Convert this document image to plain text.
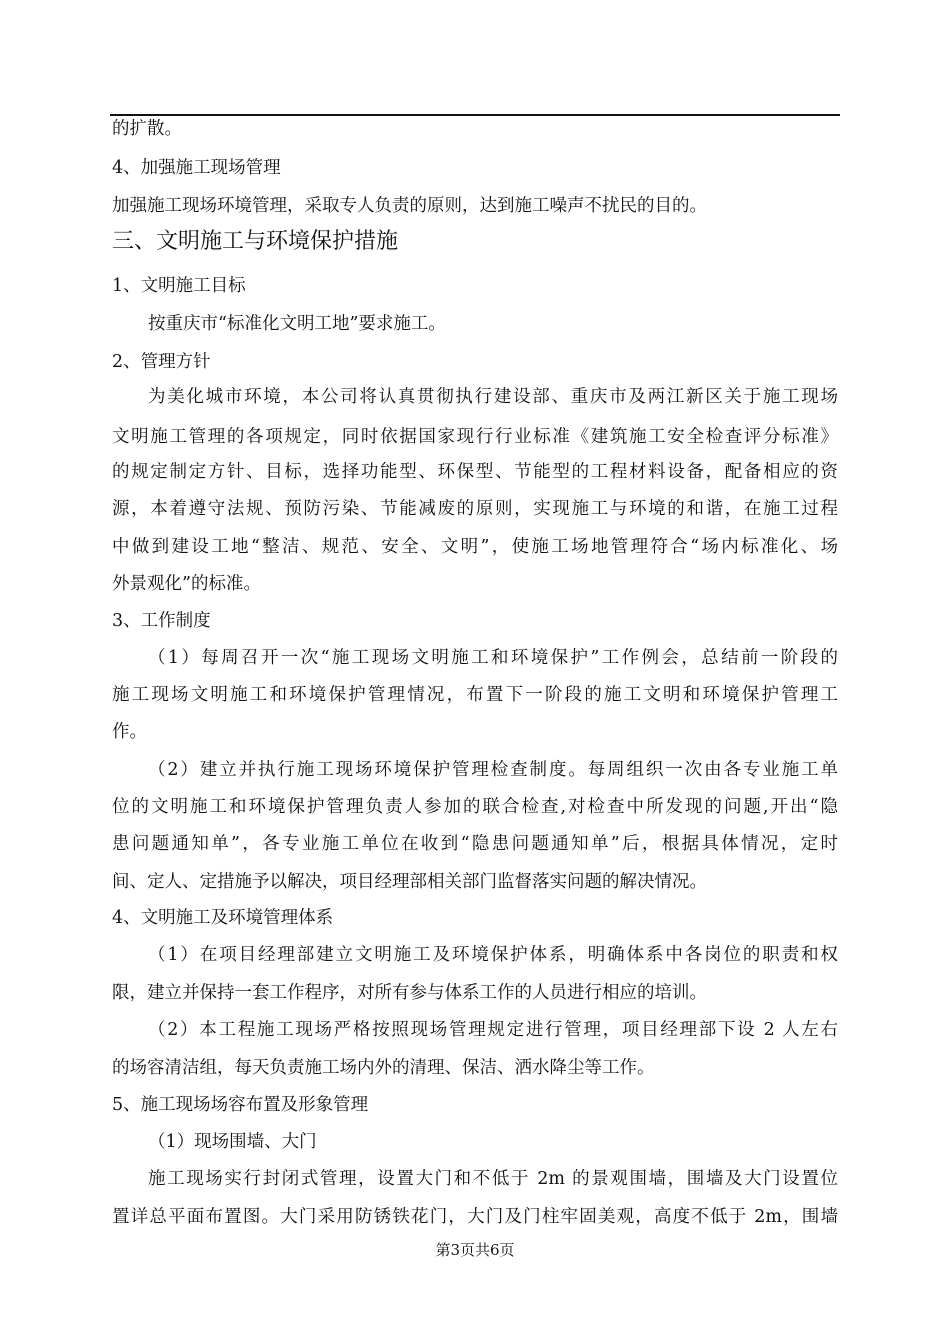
的扩散。
4、加强施工现场管理
加强施工现场环境管理，采取专人负责的原则，达到施工噪声不扰民的目的。
三、文明施工与环境保护措施
1、文明施工目标
按重庆市“标准化文明工地”要求施工。
2、管理方针
为美化城市环境，本公司将认真贯彻执行建设部、重庆市及两江新区关于施工现场
文明施工管理的各项规定，同时依据国家现行行业标准《建筑施工安全检查评分标准》
的规定制定方针、目标，选择功能型、环保型、节能型的工程材料设备，配备相应的资
源，本着遵守法规、预防污染、节能减废的原则，实现施工与环境的和谐，在施工过程
中做到建设工地“整洁、规范、安全、文明”，使施工场地管理符合“场内标准化、场
外景观化”的标准。
3、工作制度
（1）每周召开一次“施工现场文明施工和环境保护”工作例会，总结前一阶段的
施工现场文明施工和环境保护管理情况，布置下一阶段的施工文明和环境保护管理工
作。
（2）建立并执行施工现场环境保护管理检查制度。每周组织一次由各专业施工单
位的文明施工和环境保护管理负责人参加的联合检查,对检查中所发现的问题,开出“隐
患问题通知单”，各专业施工单位在收到“隐患问题通知单”后，根据具体情况，定时
间、定人、定措施予以解决，项目经理部相关部门监督落实问题的解决情况。
4、文明施工及环境管理体系
（1）在项目经理部建立文明施工及环境保护体系，明确体系中各岗位的职责和权
限，建立并保持一套工作程序，对所有参与体系工作的人员进行相应的培训。
（2）本工程施工现场严格按照现场管理规定进行管理，项目经理部下设 2 人左右
的场容清洁组，每天负责施工场内外的清理、保洁、洒水降尘等工作。
5、施工现场场容布置及形象管理
（1）现场围墙、大门
施工现场实行封闭式管理，设置大门和不低于 2m 的景观围墙，围墙及大门设置位
置详总平面布置图。大门采用防锈铁花门，大门及门柱牢固美观，高度不低于 2m，围墙
第3页共6页
